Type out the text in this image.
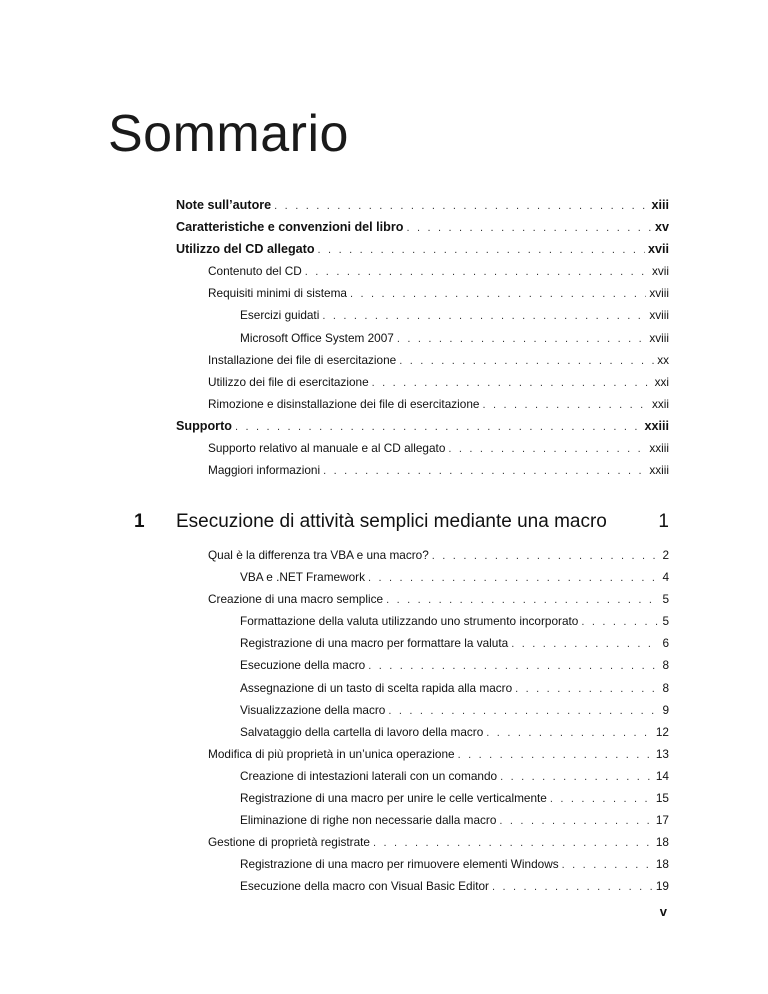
Sommario
Note sull’autore . . .	xiii
Caratteristiche e convenzioni del libro . . .	xv
Utilizzo del CD allegato . . .	xvii
Contenuto del CD . . .	xvii
Requisiti minimi di sistema . . .	xviii
Esercizi guidati . . .	xviii
Microsoft Office System 2007 . . .	xviii
Installazione dei file di esercitazione . . .	xx
Utilizzo dei file di esercitazione . . .	xxi
Rimozione e disinstallazione dei file di esercitazione . . .	xxii
Supporto . . .	xxiii
Supporto relativo al manuale e al CD allegato . . .	xxiii
Maggiori informazioni . . .	xxiii
1 Esecuzione di attività semplici mediante una macro	1
Qual è la differenza tra VBA e una macro? . . .	2
VBA e .NET Framework . . .	4
Creazione di una macro semplice . . .	5
Formattazione della valuta utilizzando uno strumento incorporato . . .	5
Registrazione di una macro per formattare la valuta . . .	6
Esecuzione della macro . . .	8
Assegnazione di un tasto di scelta rapida alla macro . . .	8
Visualizzazione della macro . . .	9
Salvataggio della cartella di lavoro della macro . . .	12
Modifica di più proprietà in un’unica operazione . . .	13
Creazione di intestazioni laterali con un comando . . .	14
Registrazione di una macro per unire le celle verticalmente . . .	15
Eliminazione di righe non necessarie dalla macro . . .	17
Gestione di proprietà registrate . . .	18
Registrazione di una macro per rimuovere elementi Windows . . .	18
Esecuzione della macro con Visual Basic Editor . . .	19
v
